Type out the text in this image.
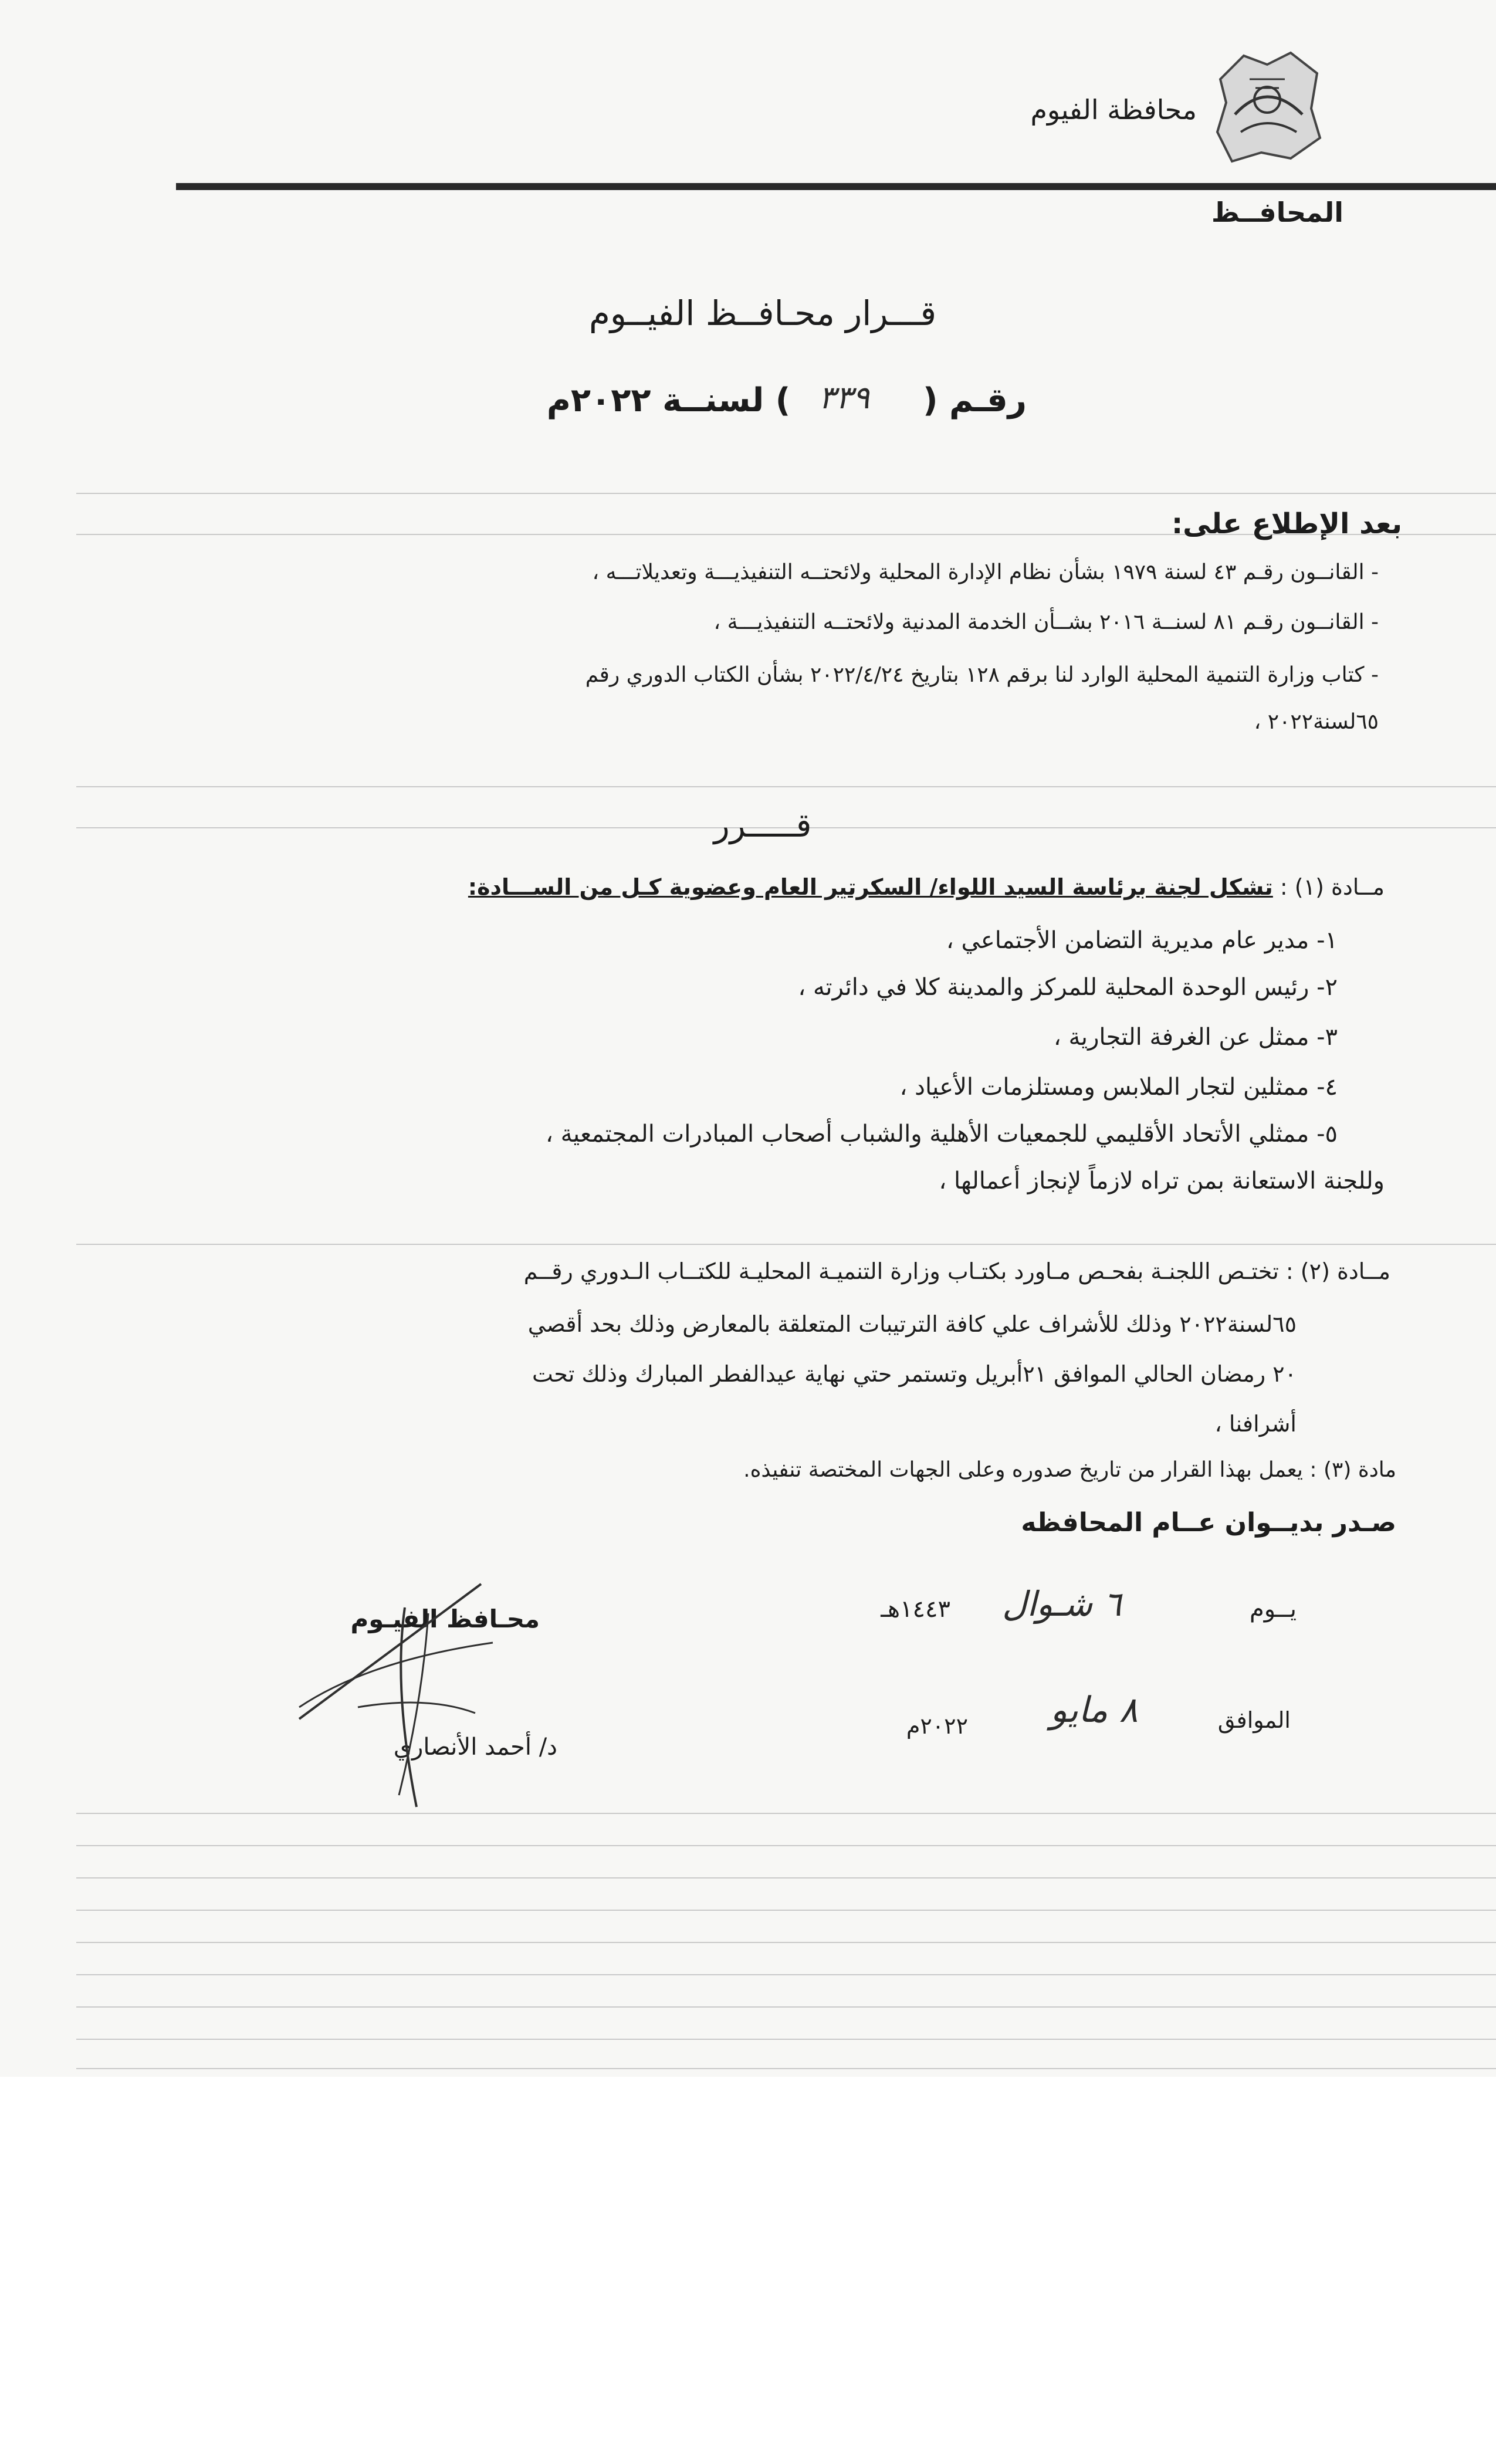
محافظة الفيوم
المحافــظ
قـــرار محـافــظ الفيــوم
رقـم (
٣٣٩
) لسنــة ٢٠٢٢م
بعد الإطلاع على:
- القانــون رقـم ٤٣ لسنة ١٩٧٩ بشأن نظام الإدارة المحلية ولائحتــه التنفيذيـــة وتعديلاتـــه ،
- القانــون رقـم ٨١ لسنــة ٢٠١٦ بشــأن الخدمة المدنية ولائحتــه التنفيذيـــة ،
- كتاب وزارة التنمية المحلية الوارد لنا برقم ١٢٨ بتاريخ ٢٠٢٢/٤/٢٤ بشأن الكتاب الدوري رقم
٦٥لسنة٢٠٢٢ ،
قـــــرر
مــادة (١) : تشكل لجنة برئاسة السيد اللواء/ السكرتير العام وعضوية كـل من الســـادة:
١- مدير عام مديرية التضامن الأجتماعي ،
٢- رئيس الوحدة المحلية للمركز والمدينة كلا في دائرته ،
٣- ممثل عن الغرفة التجارية ،
٤- ممثلين لتجار الملابس ومستلزمات الأعياد ،
٥- ممثلي الأتحاد الأقليمي للجمعيات الأهلية والشباب أصحاب المبادرات المجتمعية ،
وللجنة الاستعانة بمن تراه لازماً لإنجاز أعمالها ،
مــادة (٢) : تختـص اللجنـة بفحـص مـاورد بكتـاب وزارة التنميـة المحليـة للكتــاب الـدوري رقــم
٦٥لسنة٢٠٢٢ وذلك للأشراف علي كافة الترتيبات المتعلقة بالمعارض وذلك بحد أقصي
٢٠ رمضان الحالي الموافق ٢١أبريل وتستمر حتي نهاية عيدالفطر المبارك وذلك تحت
أشرافنا ،
مادة (٣) : يعمل بهذا القرار من تاريخ صدوره وعلى الجهات المختصة تنفيذه.
صـدر بديــوان عــام المحافظه
يــوم
٦ شـوال
١٤٤٣هـ
محـافظ الفيـوم
الموافق
٨ مايو
٢٠٢٢م
د/ أحمد الأنصاري
